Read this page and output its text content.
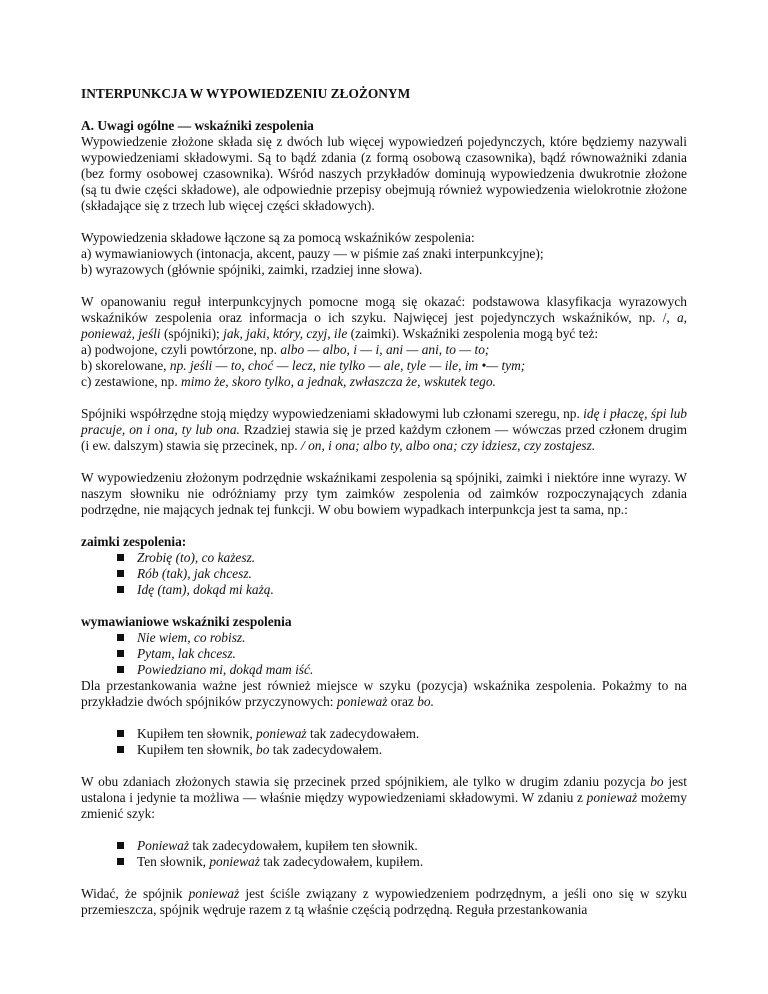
INTERPUNKCJA W WYPOWIEDZENIU ZŁOŻONYM
A. Uwagi ogólne — wskaźniki zespolenia

Wypowiedzenie złożone składa się z dwóch lub więcej wypowiedzeń pojedynczych, które będziemy nazywali wypowiedzeniami składowymi. Są to bądź zdania (z formą osobową czasownika), bądź równoważniki zdania (bez formy osobowej czasownika). Wśród naszych przykładów dominują wypowiedzenia dwukrotnie złożone (są tu dwie części składowe), ale odpowiednie przepisy obejmują również wypowiedzenia wielokrotnie złożone (składające się z trzech lub więcej części składowych).

Wypowiedzenia składowe łączone są za pomocą wskaźników zespolenia:
a) wymawianiowych (intonacja, akcent, pauzy — w piśmie zaś znaki interpunkcyjne);
b) wyrazowych (głównie spójniki, zaimki, rzadziej inne słowa).

W opanowaniu reguł interpunkcyjnych pomocne mogą się okazać: podstawowa klasyfikacja wyrazowych wskaźników zespolenia oraz informacja o ich szyku. Najwięcej jest pojedynczych wskaźników, np. /, a, ponieważ, jeśli (spójniki); jak, jaki, który, czyj, ile (zaimki). Wskaźniki zespolenia mogą być też:
a) podwojone, czyli powtórzone, np. albo — albo, i — i, ani — ani, to — to;
b) skorelowane, np. jeśli — to, choć — lecz, nie tylko — ale, tyle — ile, im •— tym;
c) zestawione, np. mimo że, skoro tylko, a jednak, zwłaszcza że, wskutek tego.

Spójniki współrzędne stoją między wypowiedzeniami składowymi lub członami szeregu, np. idę i płaczę, śpi lub pracuje, on i ona, ty lub ona. Rzadziej stawia się je przed każdym członem — wówczas przed członem drugim (i ew. dalszym) stawia się przecinek, np. / on, i ona; albo ty, albo ona; czy idziesz, czy zostajesz.

W wypowiedzeniu złożonym podrzędnie wskaźnikami zespolenia są spójniki, zaimki i niektóre inne wyrazy. W naszym słowniku nie odróżniamy przy tym zaimków zespolenia od zaimków rozpoczynających zdania podrzędne, nie mających jednak tej funkcji. W obu bowiem wypadkach interpunkcja jest ta sama, np.:

zaimki zespolenia:
Zrobię (to), co każesz.
Rób (tak), jak chcesz.
Idę (tam), dokąd mi każą.
wymawianiowe wskaźniki zespolenia
Nie wiem, co robisz.
Pytam, lak chcesz.
Powiedziano mi, dokąd mam iść.

Dla przestankowania ważne jest również miejsce w szyku (pozycja) wskaźnika zespolenia. Pokażmy to na przykładzie dwóch spójników przyczynowych: ponieważ oraz bo.

Kupiłem ten słownik, ponieważ tak zadecydowałem.
Kupiłem ten słownik, bo tak zadecydowałem.

W obu zdaniach złożonych stawia się przecinek przed spójnikiem, ale tylko w drugim zdaniu pozycja bo jest ustalona i jedynie ta możliwa — właśnie między wypowiedzeniami składowymi. W zdaniu z ponieważ możemy zmienić szyk:

Ponieważ tak zadecydowałem, kupiłem ten słownik.
Ten słownik, ponieważ tak zadecydowałem, kupiłem.

Widać, że spójnik ponieważ jest ściśle związany z wypowiedzeniem podrzędnym, a jeśli ono się w szyku przemieszcza, spójnik wędruje razem z tą właśnie częścią podrzędną. Reguła przestankowania
